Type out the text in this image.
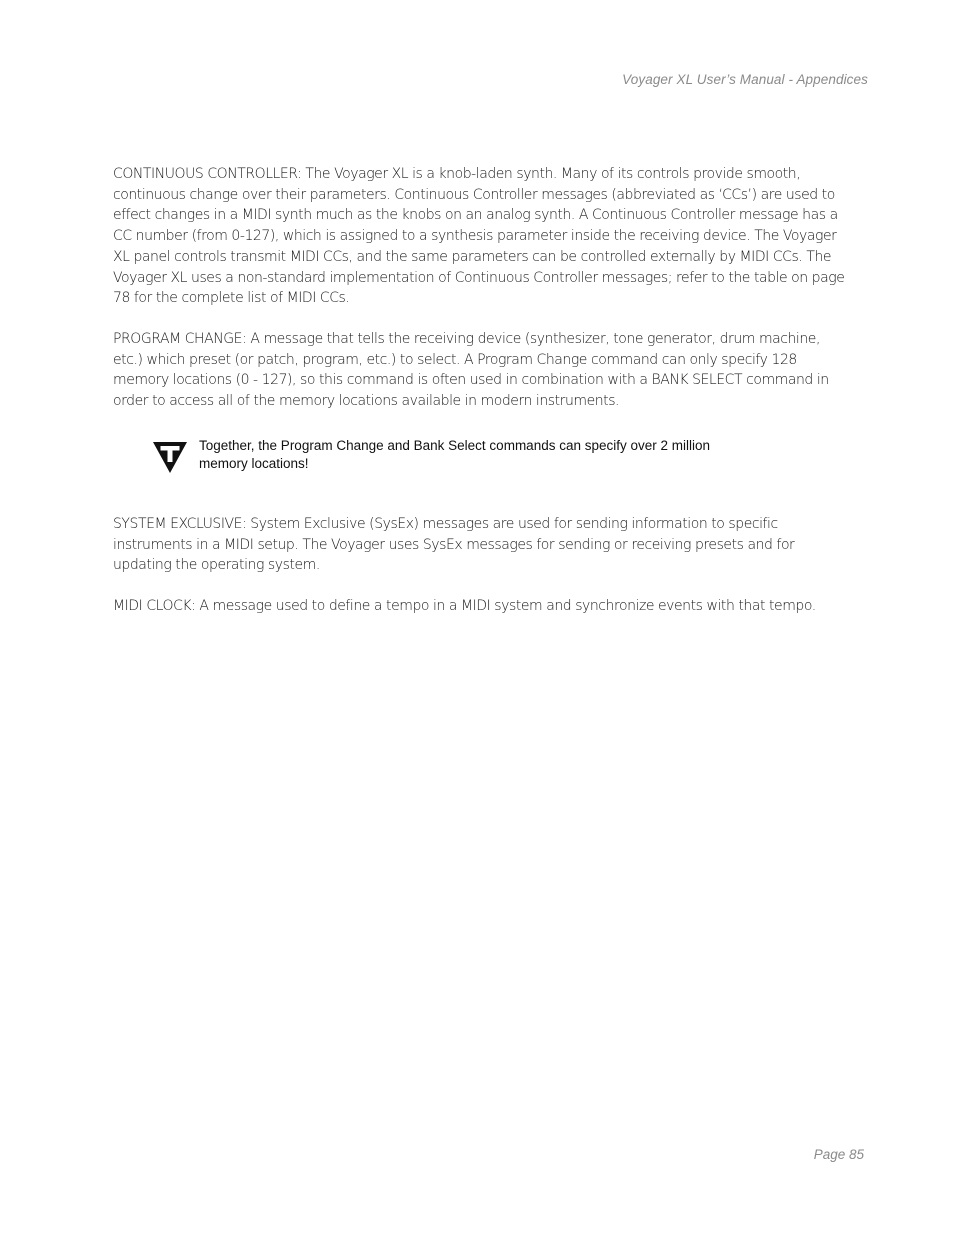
Voyager XL User’s Manual - Appendices

CONTINUOUS CONTROLLER: The Voyager XL is a knob-laden synth. Many of its controls provide smooth, continuous change over their parameters. Continuous Controller messages (abbreviated as ‘CCs’) are used to effect changes in a MIDI synth much as the knobs on an analog synth. A Continuous Controller message has a CC number (from 0-127), which is assigned to a synthesis parameter inside the receiving device. The Voyager XL panel controls transmit MIDI CCs, and the same parameters can be controlled externally by MIDI CCs. The Voyager XL uses a non-standard implementation of Continuous Controller messages; refer to the table on page 78 for the complete list of MIDI CCs.

PROGRAM CHANGE: A message that tells the receiving device (synthesizer, tone generator, drum machine, etc.) which preset (or patch, program, etc.) to select. A Program Change command can only specify 128 memory locations (0 - 127), so this command is often used in combination with a BANK SELECT command in order to access all of the memory locations available in modern instruments.

Together, the Program Change and Bank Select commands can specify over 2 million memory locations!

SYSTEM EXCLUSIVE: System Exclusive (SysEx) messages are used for sending information to specific instruments in a MIDI setup. The Voyager uses SysEx messages for sending or receiving presets and for updating the operating system.

MIDI CLOCK: A message used to define a tempo in a MIDI system and synchronize events with that tempo.

Page 85
